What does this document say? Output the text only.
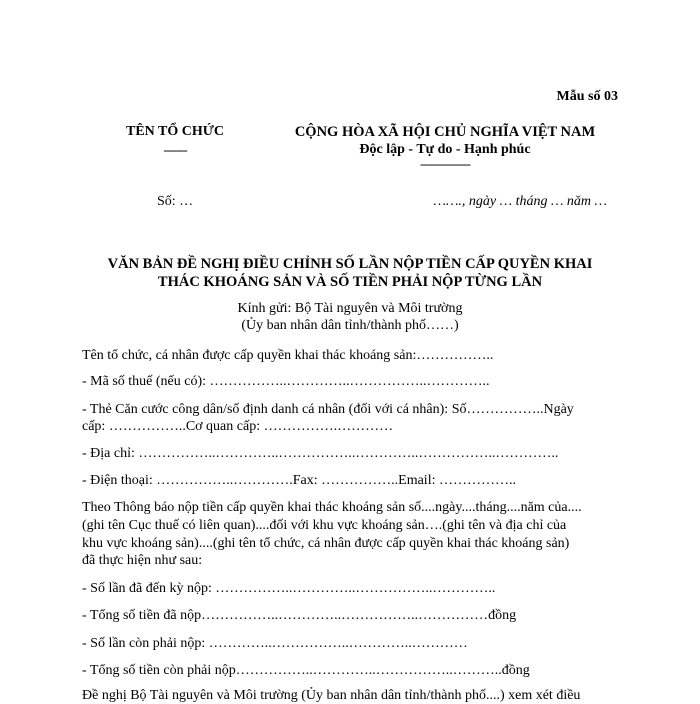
Mẫu số 03
TÊN TỔ CHỨC
-------
CỘNG HÒA XÃ HỘI CHỦ NGHĨA VIỆT NAM
Độc lập - Tự do - Hạnh phúc
---------------
Số: …	……., ngày … tháng … năm …
VĂN BẢN ĐỀ NGHỊ ĐIỀU CHỈNH SỐ LẦN NỘP TIỀN CẤP QUYỀN KHAI
THÁC KHOÁNG SẢN VÀ SỐ TIỀN PHẢI NỘP TỪNG LẦN
Kính gửi: Bộ Tài nguyên và Môi trường
(Ủy ban nhân dân tỉnh/thành phố……)
Tên tổ chức, cá nhân được cấp quyền khai thác khoáng sản:……………..
- Mã số thuế (nếu có): ……………..…………..……………..…………..
- Thẻ Căn cước công dân/số định danh cá nhân (đối với cá nhân): Số……………..Ngày
cấp: ……………..Cơ quan cấp: …………….…………
- Địa chỉ: ……………..…………..……………..…………..……………..…………..
- Điện thoại: ……………..………….Fax: ……………..Email: ……………..
Theo Thông báo nộp tiền cấp quyền khai thác khoáng sản số....ngày....tháng....năm của....
(ghi tên Cục thuế có liên quan)....đối với khu vực khoáng sản….(ghi tên và địa chỉ của
khu vực khoáng sản)....(ghi tên tổ chức, cá nhân được cấp quyền khai thác khoáng sản)
đã thực hiện như sau:
- Số lần đã đến kỳ nộp: ……………..…………..……………..…………..
- Tổng số tiền đã nộp……………..…………..……………..……………đồng
- Số lần còn phải nộp: …………..……………..…………..…………
- Tổng số tiền còn phải nộp……………..…………..……………..………..đồng
Đề nghị Bộ Tài nguyên và Môi trường (Ủy ban nhân dân tỉnh/thành phố....) xem xét điều
